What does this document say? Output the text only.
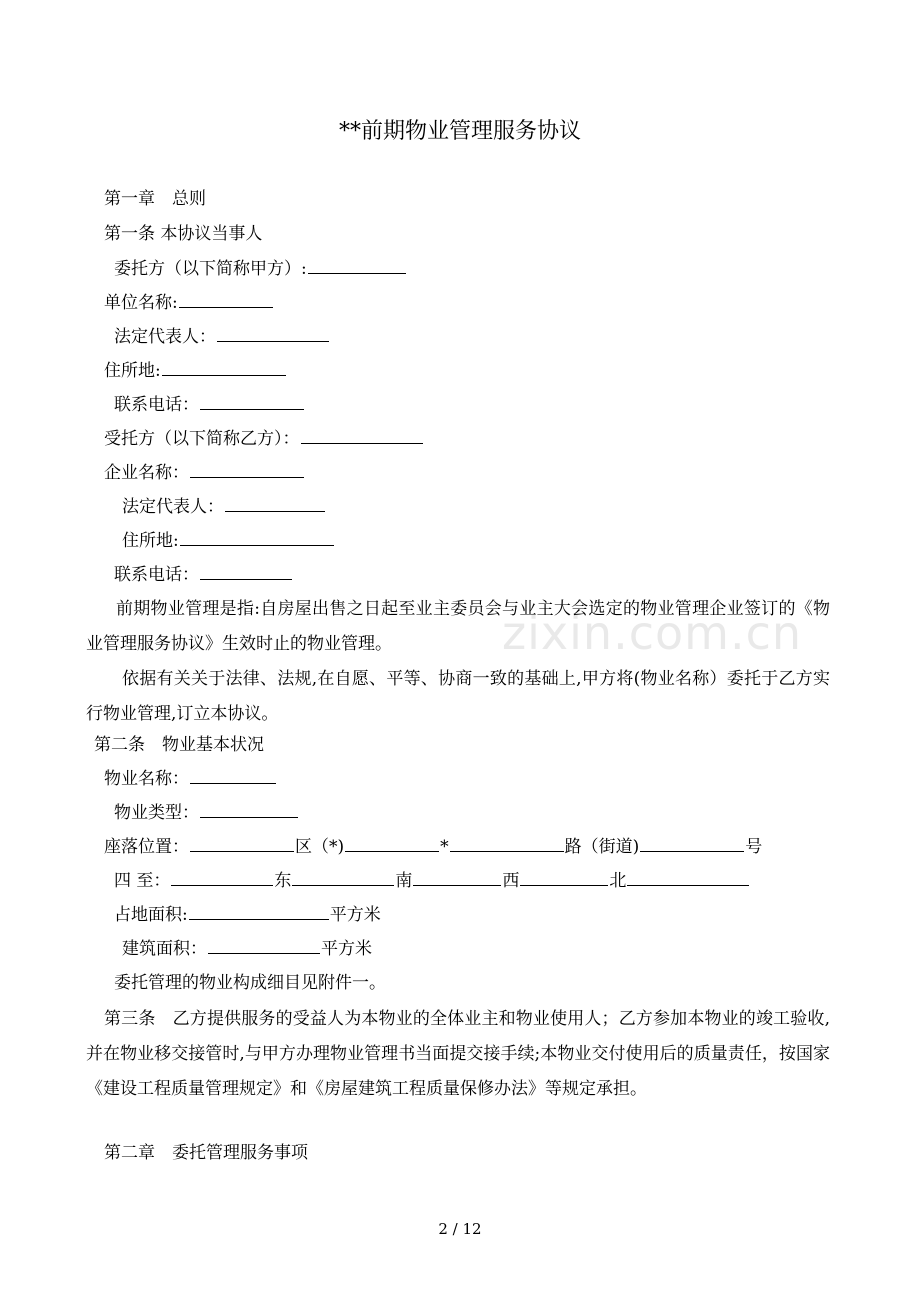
**前期物业管理服务协议
第一章　总则
第一条 本协议当事人
委托方（以下简称甲方）:
单位名称:
法定代表人：
住所地:
联系电话：
受托方（以下简称乙方）：
企业名称：
法定代表人：
住所地:
联系电话：
zixin.com.cn
前期物业管理是指:自房屋出售之日起至业主委员会与业主大会选定的物业管理企业签订的《物业管理服务协议》生效时止的物业管理。
依据有关关于法律、法规,在自愿、平等、协商一致的基础上,甲方将(物业名称）委托于乙方实行物业管理,订立本协议。
第二条　物业基本状况
物业名称：
物业类型：
座落位置：	区（*)	*	路（街道)	号
四 至：	东	南	西	北
占地面积:	平方米
建筑面积：	平方米
委托管理的物业构成细目见附件一。
第三条　乙方提供服务的受益人为本物业的全体业主和物业使用人；乙方参加本物业的竣工验收,并在物业移交接管时,与甲方办理物业管理书当面提交接手续;本物业交付使用后的质量责任，按国家《建设工程质量管理规定》和《房屋建筑工程质量保修办法》等规定承担。
第二章　委托管理服务事项
2 / 12
